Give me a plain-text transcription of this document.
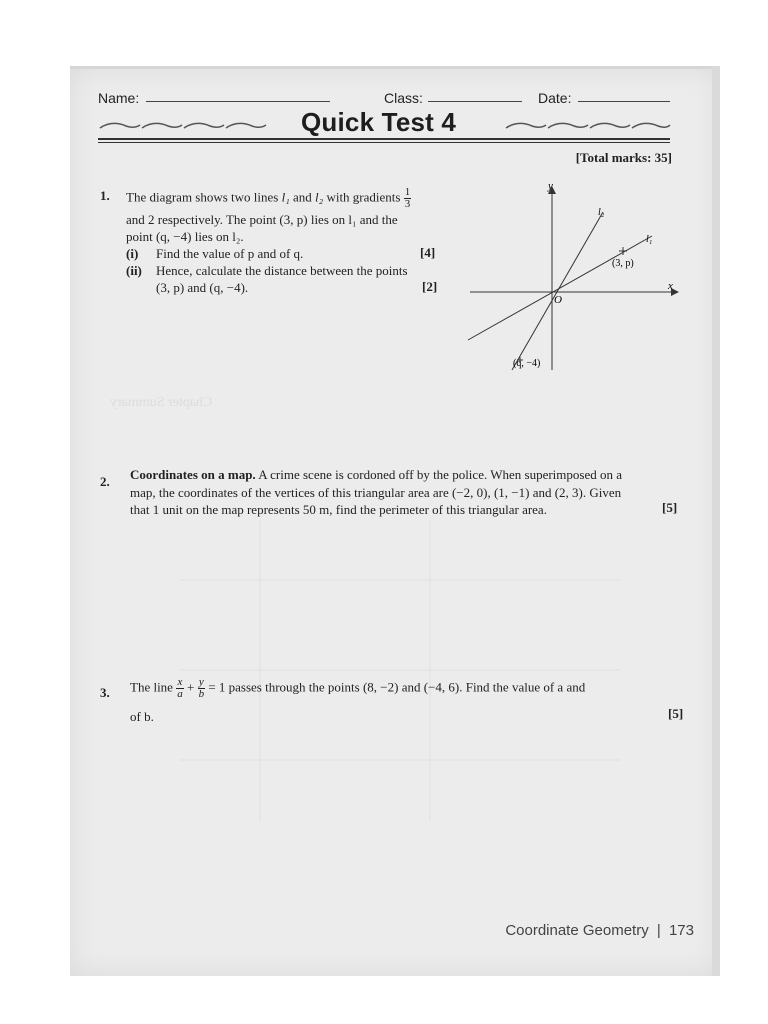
Chapter Summary
Name:	Class:	Date:
Quick Test 4
[Total marks: 35]
1. The diagram shows two lines l₁ and l₂ with gradients $\frac{1}{3}$
and 2 respectively. The point (3, p) lies on l₁ and the
point (q, −4) lies on l₂.
(i) Find the value of p and of q.	[4]
(ii) Hence, calculate the distance between the points
(3, p) and (q, −4).	[2]
y
x
O
l₂
l₁
(3, p)
(q, −4)
2. Coordinates on a map. A crime scene is cordoned off by the police. When superimposed on a
map, the coordinates of the vertices of this triangular area are (−2, 0), (1, −1) and (2, 3). Given
that 1 unit on the map represents 50 m, find the perimeter of this triangular area.	[5]
3. The line $\frac{x}{a} + \frac{y}{b} = 1$ passes through the points (8, −2) and (−4, 6). Find the value of a and
of b.	[5]
Coordinate Geometry | 173
